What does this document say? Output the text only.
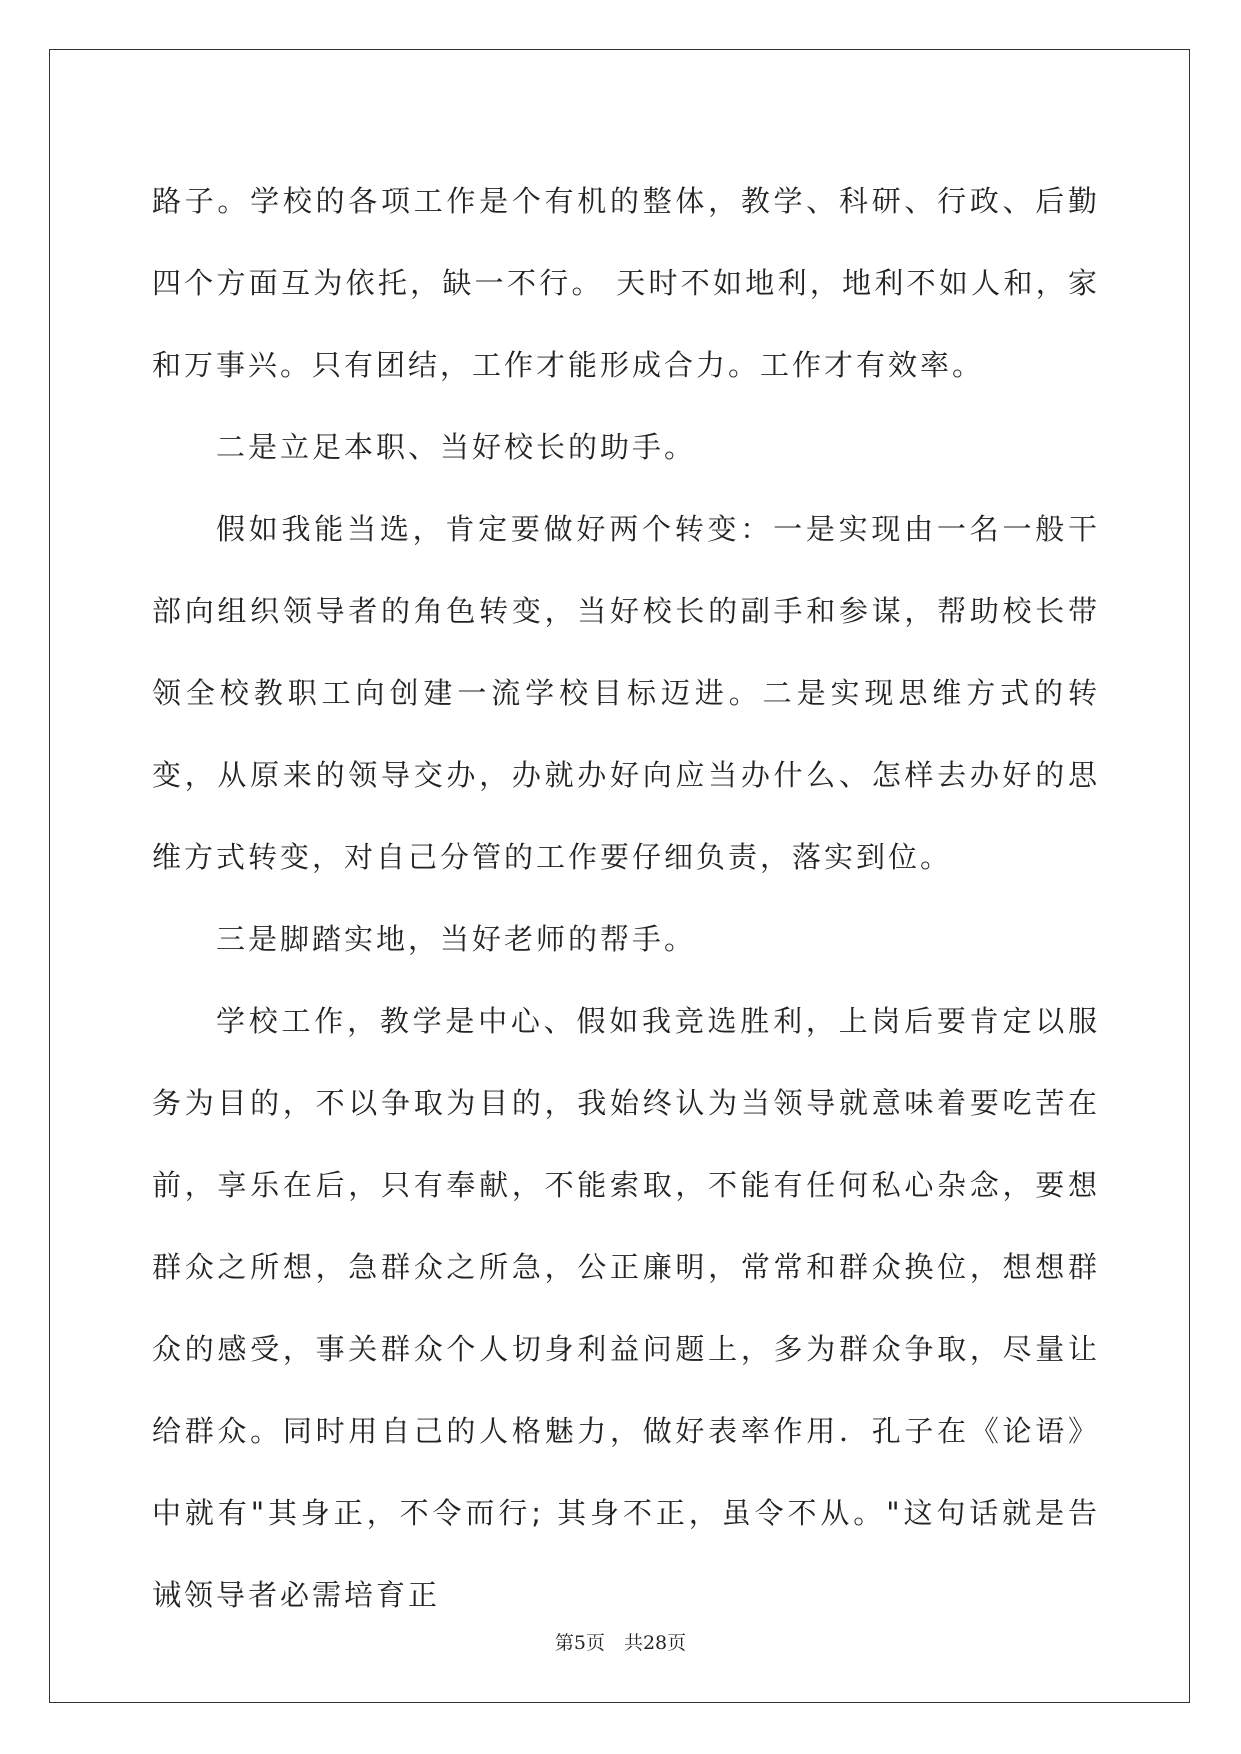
路子。学校的各项工作是个有机的整体，教学、科研、行政、后勤四个方面互为依托，缺一不行。 天时不如地利，地利不如人和，家和万事兴。只有团结，工作才能形成合力。工作才有效率。

二是立足本职、当好校长的助手。

假如我能当选，肯定要做好两个转变：一是实现由一名一般干部向组织领导者的角色转变，当好校长的副手和参谋，帮助校长带领全校教职工向创建一流学校目标迈进。二是实现思维方式的转变，从原来的领导交办，办就办好向应当办什么、怎样去办好的思维方式转变，对自己分管的工作要仔细负责，落实到位。

三是脚踏实地，当好老师的帮手。

学校工作，教学是中心、假如我竞选胜利，上岗后要肯定以服务为目的，不以争取为目的，我始终认为当领导就意味着要吃苦在前，享乐在后，只有奉献，不能索取，不能有任何私心杂念，要想群众之所想，急群众之所急，公正廉明，常常和群众换位，想想群众的感受，事关群众个人切身利益问题上，多为群众争取，尽量让给群众。同时用自己的人格魅力，做好表率作用．孔子在《论语》中就有"其身正，不令而行; 其身不正，虽令不从。"这句话就是告诫领导者必需培育正

第5页　共28页
